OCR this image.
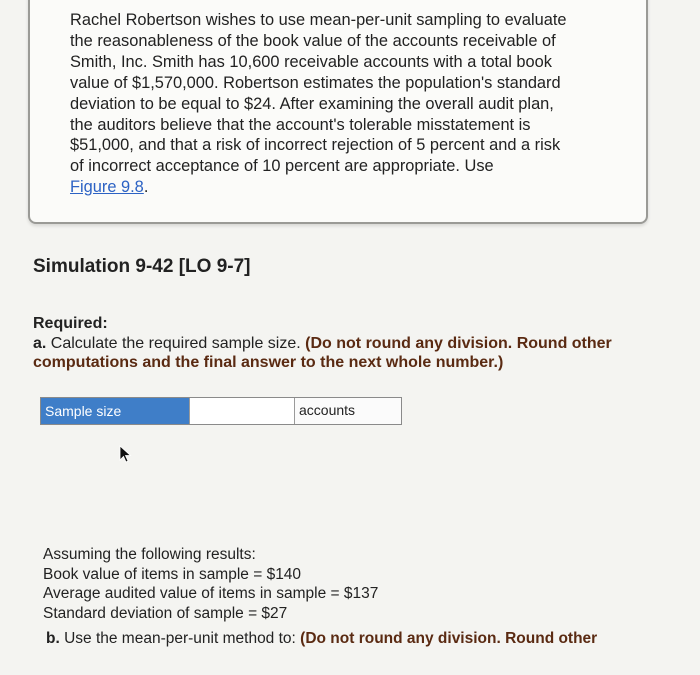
Rachel Robertson wishes to use mean-per-unit sampling to evaluate
the reasonableness of the book value of the accounts receivable of
Smith, Inc. Smith has 10,600 receivable accounts with a total book
value of $1,570,000. Robertson estimates the population's standard
deviation to be equal to $24. After examining the overall audit plan,
the auditors believe that the account's tolerable misstatement is
$51,000, and that a risk of incorrect rejection of 5 percent and a risk
of incorrect acceptance of 10 percent are appropriate. Use
Figure 9.8.
Simulation 9-42 [LO 9-7]
Required:
a. Calculate the required sample size. (Do not round any division. Round other computations and the final answer to the next whole number.)
Sample size	accounts
Assuming the following results:
Book value of items in sample = $140
Average audited value of items in sample = $137
Standard deviation of sample = $27
b. Use the mean-per-unit method to: (Do not round any division. Round other
